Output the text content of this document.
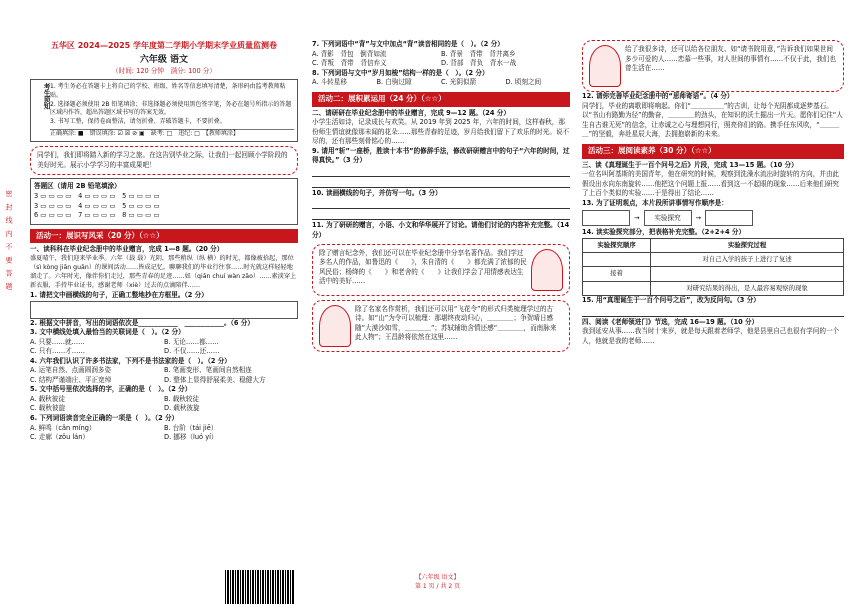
五华区 2024—2025 学年度第二学期小学期末学业质量监测卷

六年级 语文

（时间: 120 分钟　满分: 100 分）

考生须知 1. 考生务必在答题卡上将自己的学校、班级、姓名等信息填写清楚，条形码由监考教师粘贴。

2. 选择题必须使用 2B 铅笔填涂；非选择题必须使用黑色签字笔，务必在题号所指示的答题区域内作答，超出答题区域书写的答案无效。

3. 书写工整，保持卷面整洁，请勿折叠、弄破答题卡，不要折叠。

正确填涂: ■　错误填涂: ☑ ☒ ⊘ ▣　缺考: □　违纪: □　【教师填涂】

同学们，我们即将踏入新的学习之旅。在这告别毕业之际，让我们一起回顾小学阶段的美好时光。展示小学学习的丰富成果吧！

答题区（请用 2B 铅笔填涂）

3 ▭ ▭ ▭ ▭　4 ▭ ▭ ▭ ▭　5 ▭ ▭ ▭ ▭

3 ▭ ▭ ▭ ▭　4 ▭ ▭ ▭ ▭　5 ▭ ▭ ▭ ▭

6 ▭ ▭ ▭ ▭　7 ▭ ▭ ▭ ▭　8 ▭ ▭ ▭ ▭

活动一：展识写风采（20 分）（☆☆）

一、读科科在毕业纪念册中的毕业赠言，完成 1—8 题。（20 分）

盛夏晴午，我们迎来毕业季。六年（载 载）光阴，那些稍纵（纵 横）的时光，都像被拾起，那位（sì kòng jiān guān）的课间活动……皆成记忆。聊聊我们的毕业行往事……时光就这样轻轻地溜走了。六年时光，像伴你们走过，那些青春的足迹……如（qiān chuí wàn zāo）……素淡穿上新衣服，手持毕业证书，感谢老师（xiè）过去的点滴陪伴……

1. 请把文中画横线的句子，正确工整地抄在方框里。（2 分）

2. 根据文中拼音，写出的词语依次是____________　____________。（6 分）

3. 文中横线处填入最恰当的关联词是（　）。（2 分）

A. 只要……就……	B. 无论……都……
C. 只有……才……	D. 不仅……还……

4. 六年我们认识了许多书法家，下列不是书法家的是（　）。（2 分）

A. 运笔自然、点画圆润多姿	B. 笔画变形、笔画间自然相连
C. 结构严谨端庄、平正宽绰	D. 整体上显得舒展柔美、稳健大方

5. 文中括号里依次选择的字，正确的是（　）。（2 分）

A. 载秋彼徒	B. 载秋较徒
C. 载秋彼旋	D. 载秋彼旋

6. 下列词语读音完全正确的一项是（　）。（2 分）

A. 鲜鸣（cǎn míng）	B. 台阶（tái jiē）
C. 走廊（zǒu lán）	D. 挪移（luó yí）
密 封 线 内 不 要 答 题

7. 下列词语中“背”与文中加点“背”读音相同的是（　）。（2 分）

A. 背影　背包　倒背如流	B. 背景　背带　背井离乡
C. 背叛　背带　背信弃义	D. 背部　背负　背水一战

8. 下列词语与文中“岁月如梭”结构一样的是（　）。（2 分）

A. 斗转星移	B. 白驹过隙	C. 光阴似箭	D. 顷刻之间
活动二：展积累运用（24 分）（☆☆）

二、请研研在毕业纪念册中的毕业赠言，完成 9—12 题。（24 分）

小学生活如诗，记录成长与欢笑。从 2019 年到 2025 年，六年的时间，这样春秋，那份师生情谊就像那未闻的花朵……那些青春的足迹，岁月给我们留下了欢乐的时光。说不尽的，还有那些刻骨铭心的……

9. 请用“斩”一座桥，胜读十本书”的修辞手法，修改研研赠言中的句子“六年的时间，过得真快。”（3 分）

10. 读画横线的句子，并仿写一句。（3 分）

11. 为了研研的赠言，小语、小文和华华展开了讨论。请他们讨论的内容补充完整。（14 分）

除了赠言纪念外，我们还可以在毕业纪念册中分享名著作品。我们学过多名人的作品，如鲁迅的《　　》，朱自清的《　　》都充满了浓郁的民风民俗；杨绛的《　　》和老舍的《　　》让我们学会了用情感表达生活中的美好……

除了名家名作赏析，我们还可以用“飞花令”的形式归类梳理学过的古诗。如“山”为令可以梳理：那堪终夜动归心，＿＿＿＿；争贺晴日感随“大漠沙如雪，＿＿＿＿”；苏轼辅助含情还感“＿＿＿＿，而南脉来此人物”；王昌龄将依然在这里……

给了我很多诗，还可以给各位朋友、如“请书院用意，”告诉我们如果世间多少可爱的人……恋慕一些事，对人世间的事情有……不仅于此，我们也曾生活在……

12. 请你完善毕业纪念册中的“思师寄语”。（4 分）

同学们，毕业的离歌即将响起。你们“＿＿＿＿＿”的古训，让每个光阴都成逐梦基石。以“书山有路勤为径”的勤奋，＿＿＿＿的劲头，在知识的沃土掘出一片天。愿你们记住“人生自古谁无死”的信念，让赤诚之心与理想同行，照亮你们的路。携手任东风吹，“＿＿＿＿”的坚毅，奔赴星辰大海，去拥抱崭新的未来。

活动三：展阅读素养（30 分）（☆☆）

三、读《真理诞生于一百个问号之后》片段，完成 13—15 题。（10 分）

一位名叫阿基斯的美国青年，他在研究的时候，观察到洗澡水流出时旋转的方向，并由此假设出水向东南旋转……他把这个问题上报……看到这一不起眼的现象……后来他们研究了上百个类似的实验……于是得出了结论……

13. 为了证明观点，本片段所讲事情写作顺序是：

→	实验探究	→

14. 读实验探究部分，把表格补充完整。（2+2+4 分）

实验探究顺序	实验探究过程
	对自己入学的孩子上进行了复述
接着	
	对研究结果的得出，是人最容易观察的现象

15. 用“真理诞生于一百个问号之后”，改为反问句。（3 分）

四、阅读《老师领进门》节选，完成 16—19 题。（10 分）

我到延安从事……我当时十来岁，就是每天跟着老师学，他是县里自己也很有学问的一个人，他就是我的老师……

【六年级 语文】

第 1 页 / 共 2 页
